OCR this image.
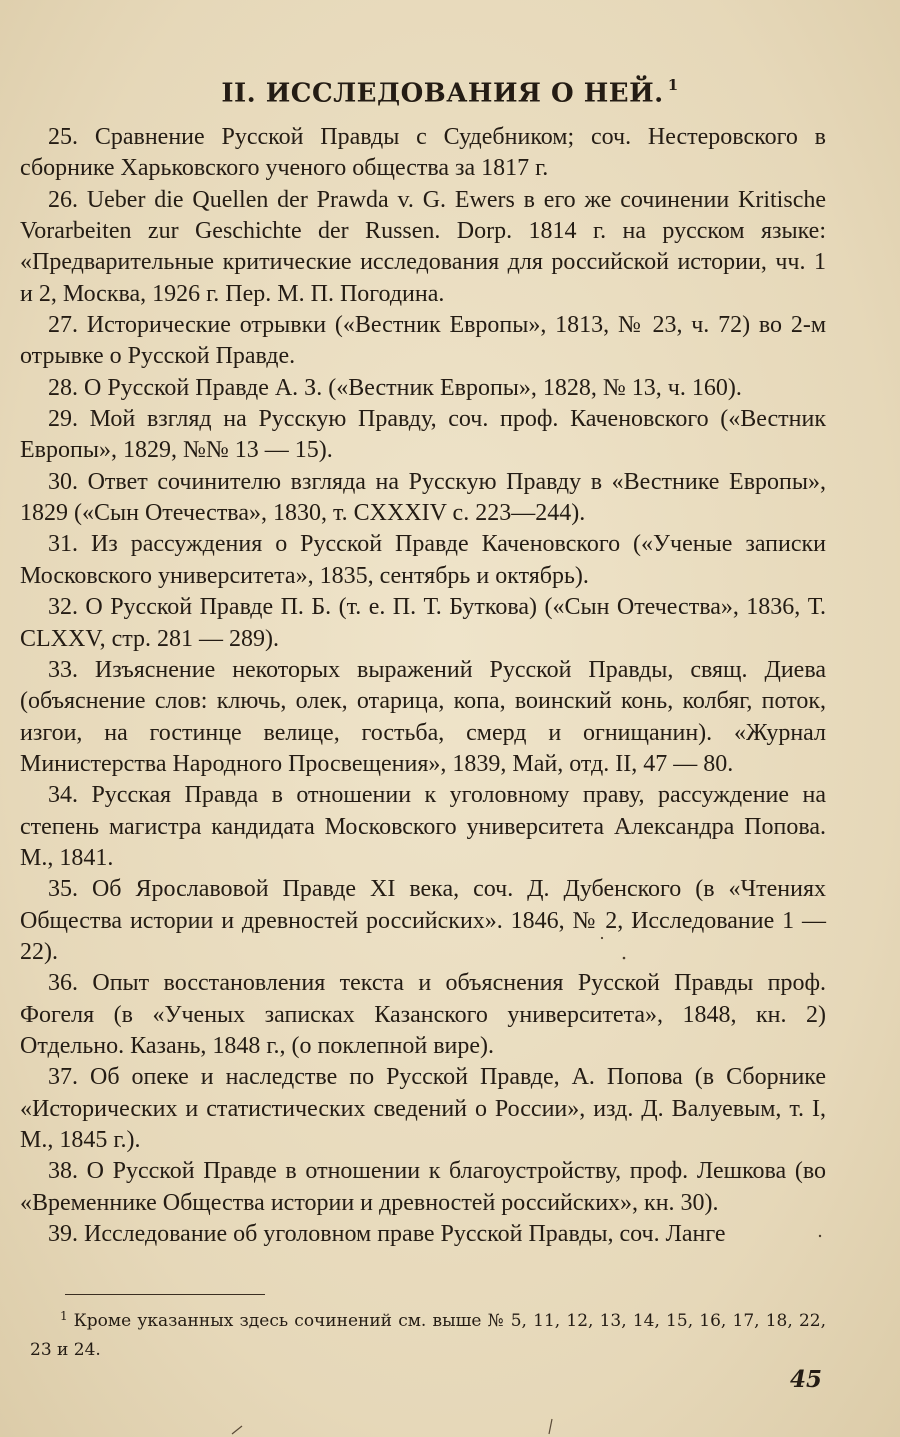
II. ИССЛЕДОВАНИЯ О НЕЙ. $^1$

25. Сравнение Русской Правды с Судебником; соч. Нестеровского в сборнике Харьковского ученого общества за 1817 г.

26. Ueber die Quellen der Prawda v. G. Ewers в его же сочинении Kritische Vorarbeiten zur Geschichte der Russen. Dorp. 1814 г. на русском языке: «Предварительные критические исследования для российской истории, чч. 1 и 2, Москва, 1926 г. Пер. М. П. Погодина.

27. Исторические отрывки («Вестник Европы», 1813, № 23, ч. 72) во 2-м отрывке о Русской Правде.

28. О Русской Правде А. З. («Вестник Европы», 1828, № 13, ч. 160).

29. Мой взгляд на Русскую Правду, соч. проф. Каченовского («Вестник Европы», 1829, №№ 13 — 15).

30. Ответ сочинителю взгляда на Русскую Правду в «Вестнике Европы», 1829 («Сын Отечества», 1830, т. CXXXIV с. 223—244).

31. Из рассуждения о Русской Правде Каченовского («Ученые записки Московского университета», 1835, сентябрь и октябрь).

32. О Русской Правде П. Б. (т. е. П. Т. Буткова) («Сын Отечества», 1836, Т. CLXXV, стр. 281 — 289).

33. Изъяснение некоторых выражений Русской Правды, свящ. Диева (объяснение слов: ключь, олек, отарица, копа, воинский конь, колбяг, поток, изгои, на гостинце велице, гостьба, смерд и огнищанин). «Журнал Министерства Народного Просвещения», 1839, Май, отд. II, 47 — 80.

34. Русская Правда в отношении к уголовному праву, рассуждение на степень магистра кандидата Московского университета Александра Попова. М., 1841.

35. Об Ярославовой Правде XI века, соч. Д. Дубенского (в «Чтениях Общества истории и древностей российских». 1846, № 2, Исследование 1 — 22).

36. Опыт восстановления текста и объяснения Русской Правды проф. Фогеля (в «Ученых записках Казанского университета», 1848, кн. 2) Отдельно. Казань, 1848 г., (о поклепной вире).

37. Об опеке и наследстве по Русской Правде, А. Попова (в Сборнике «Исторических и статистических сведений о России», изд. Д. Валуевым, т. I, М., 1845 г.).

38. О Русской Правде в отношении к благоустройству, проф. Лешкова (во «Временнике Общества истории и древностей российских», кн. 30).

39. Исследование об уголовном праве Русской Правды, соч. Ланге

$^1$ Кроме указанных здесь сочинений см. выше № 5, 11, 12, 13, 14, 15, 16, 17, 18, 22, 23 и 24.
45
